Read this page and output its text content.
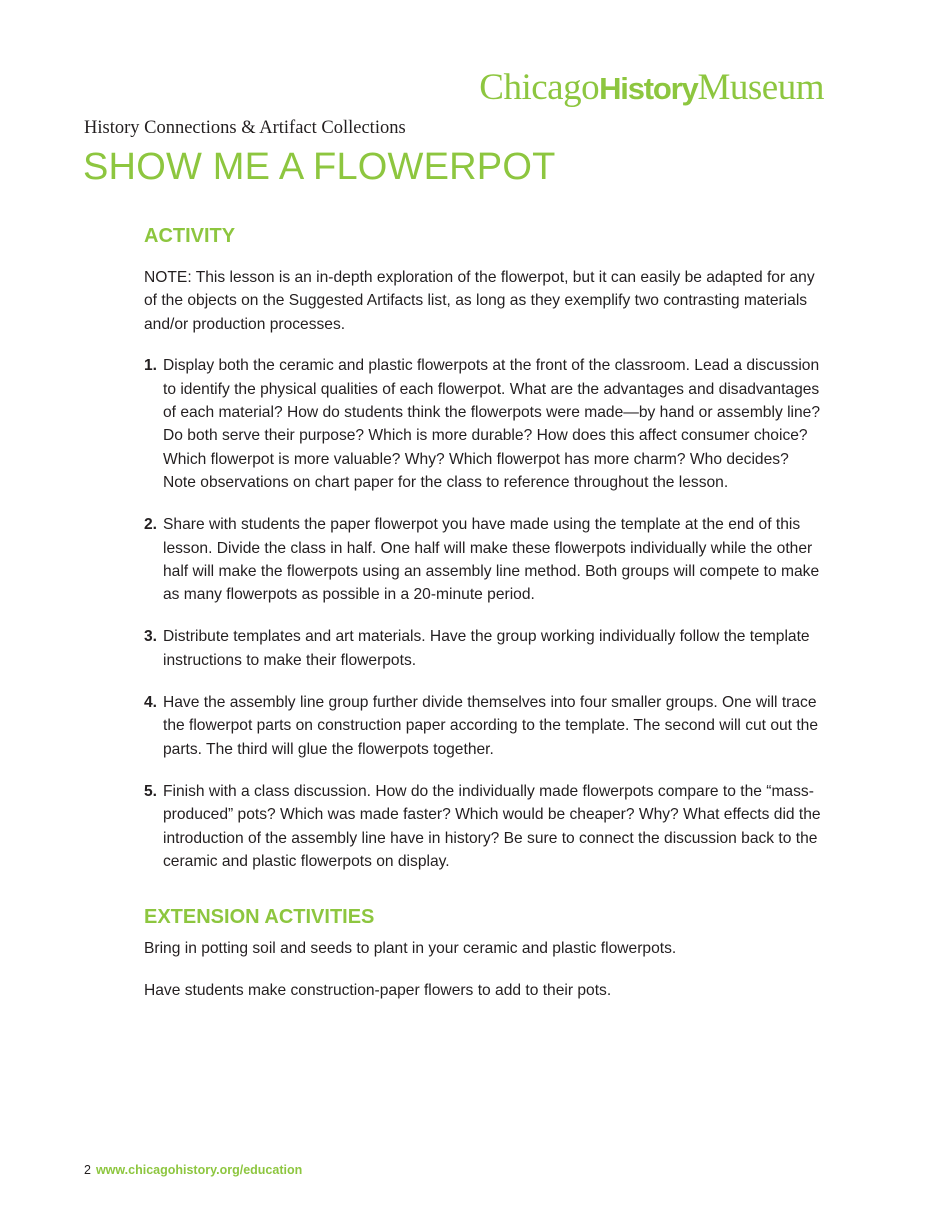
ChicagoHistoryMuseum
History Connections & Artifact Collections
SHOW ME A FLOWERPOT
ACTIVITY

NOTE: This lesson is an in-depth exploration of the flowerpot, but it can easily be adapted for any of the objects on the Suggested Artifacts list, as long as they exemplify two contrasting materials and/or production processes.

1. Display both the ceramic and plastic flowerpots at the front of the classroom. Lead a discussion to identify the physical qualities of each flowerpot. What are the advantages and disadvantages of each material? How do students think the flowerpots were made—by hand or assembly line? Do both serve their purpose? Which is more durable? How does this affect consumer choice? Which flowerpot is more valuable? Why? Which flowerpot has more charm? Who decides? Note observations on chart paper for the class to reference throughout the lesson.
2. Share with students the paper flowerpot you have made using the template at the end of this lesson. Divide the class in half. One half will make these flowerpots individually while the other half will make the flowerpots using an assembly line method. Both groups will compete to make as many flowerpots as possible in a 20-minute period.
3. Distribute templates and art materials. Have the group working individually follow the template instructions to make their flowerpots.
4. Have the assembly line group further divide themselves into four smaller groups. One will trace the flowerpot parts on construction paper according to the template. The second will cut out the parts. The third will glue the flowerpots together.
5. Finish with a class discussion. How do the individually made flowerpots compare to the “mass-produced” pots? Which was made faster? Which would be cheaper? Why? What effects did the introduction of the assembly line have in history? Be sure to connect the discussion back to the ceramic and plastic flowerpots on display.
EXTENSION ACTIVITIES

Bring in potting soil and seeds to plant in your ceramic and plastic flowerpots.

Have students make construction-paper flowers to add to their pots.

2 www.chicagohistory.org/education
